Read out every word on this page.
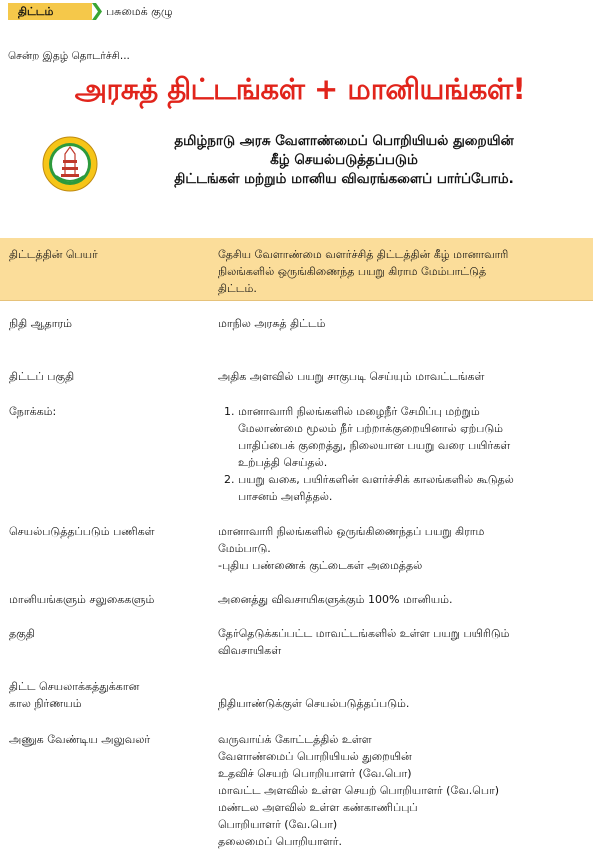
திட்டம்	பசுமைக் குழு
சென்ற இதழ் தொடர்ச்சி...
அரசுத் திட்டங்கள் + மானியங்கள்!
தமிழ்நாடு அரசு வேளாண்மைப் பொறியியல் துறையின்
கீழ் செயல்படுத்தப்படும்
திட்டங்கள் மற்றும் மானிய விவரங்களைப் பார்ப்போம்.
திட்டத்தின் பெயர்	தேசிய வேளாண்மை வளர்ச்சித் திட்டத்தின் கீழ் மானாவாரி
நிலங்களில் ஒருங்கிணைந்த பயறு கிராம மேம்பாட்டுத்
திட்டம்.
நிதி ஆதாரம்	மாநில அரசுத் திட்டம்
திட்டப் பகுதி	அதிக அளவில் பயறு சாகுபடி செய்யும் மாவட்டங்கள்
நோக்கம்:
1.	மானாவாரி நிலங்களில் மழைநீர் சேமிப்பு மற்றும்
மேலாண்மை மூலம் நீர் பற்றாக்குறையினால் ஏற்படும்
பாதிப்பைக் குறைத்து, நிலையான பயறு வரை பயிர்கள்
உற்பத்தி செய்தல்.
2. பயறு வகை, பயிர்களின் வளர்ச்சிக் காலங்களில் கூடுதல்
பாசனம் அளித்தல்.
செயல்படுத்தப்படும் பணிகள்	மானாவாரி நிலங்களில் ஒருங்கிணைந்தப் பயறு கிராம
மேம்பாடு.
-புதிய பண்ணைக் குட்டைகள் அமைத்தல்
மானியங்களும் சலுகைகளும்	அனைத்து விவசாயிகளுக்கும் 100% மானியம்.
தகுதி	தேர்தெடுக்கப்பட்ட மாவட்டங்களில் உள்ள பயறு பயிரிடும்
விவசாயிகள்
திட்ட செயலாக்கத்துக்கான
கால நிர்ணயம்	நிதியாண்டுக்குள் செயல்படுத்தப்படும்.
அணுக வேண்டிய அலுவலர்	வருவாய்க் கோட்டத்தில் உள்ள
வேளாண்மைப் பொறியியல் துறையின்
உதவிச் செயற் பொறியாளர் (வே.பொ)
மாவட்ட அளவில் உள்ள செயற் பொறியாளர் (வே.பொ)
மண்டல அளவில் உள்ள கண்காணிப்புப்
பொறியாளர் (வே.பொ)
தலைமைப் பொறியாளர்.
